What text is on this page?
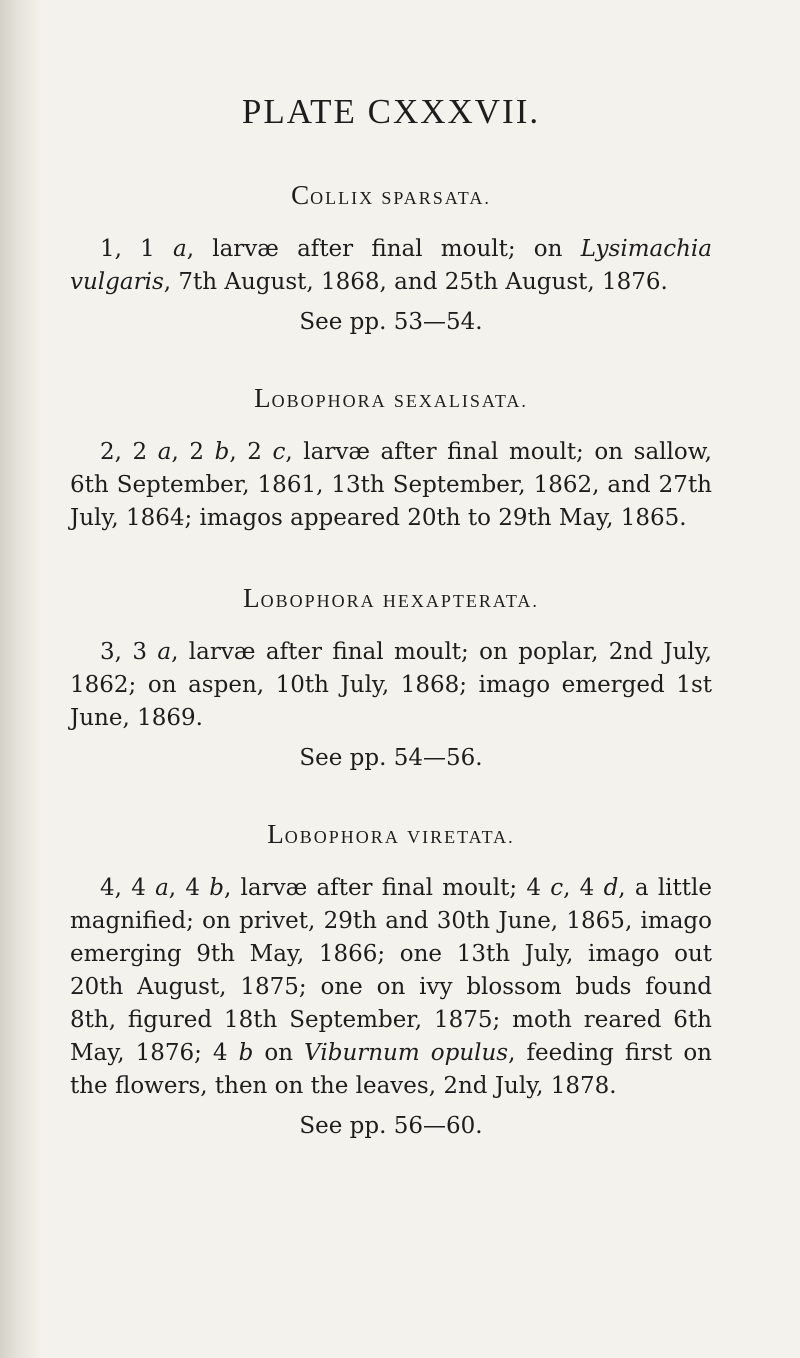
PLATE CXXXVII.
COLLIX SPARSATA.

1, 1 a, larvæ after final moult; on Lysimachia vulgaris, 7th August, 1868, and 25th August, 1876.

See pp. 53—54.

LOBOPHORA SEXALISATA.

2, 2 a, 2 b, 2 c, larvæ after final moult; on sallow, 6th September, 1861, 13th September, 1862, and 27th July, 1864; imagos appeared 20th to 29th May, 1865.

LOBOPHORA HEXAPTERATA.

3, 3 a, larvæ after final moult; on poplar, 2nd July, 1862; on aspen, 10th July, 1868; imago emerged 1st June, 1869.

See pp. 54—56.

LOBOPHORA VIRETATA.

4, 4 a, 4 b, larvæ after final moult; 4 c, 4 d, a little magnified; on privet, 29th and 30th June, 1865, imago emerging 9th May, 1866; one 13th July, imago out 20th August, 1875; one on ivy blossom buds found 8th, figured 18th September, 1875; moth reared 6th May, 1876; 4 b on Viburnum opulus, feeding first on the flowers, then on the leaves, 2nd July, 1878.

See pp. 56—60.
